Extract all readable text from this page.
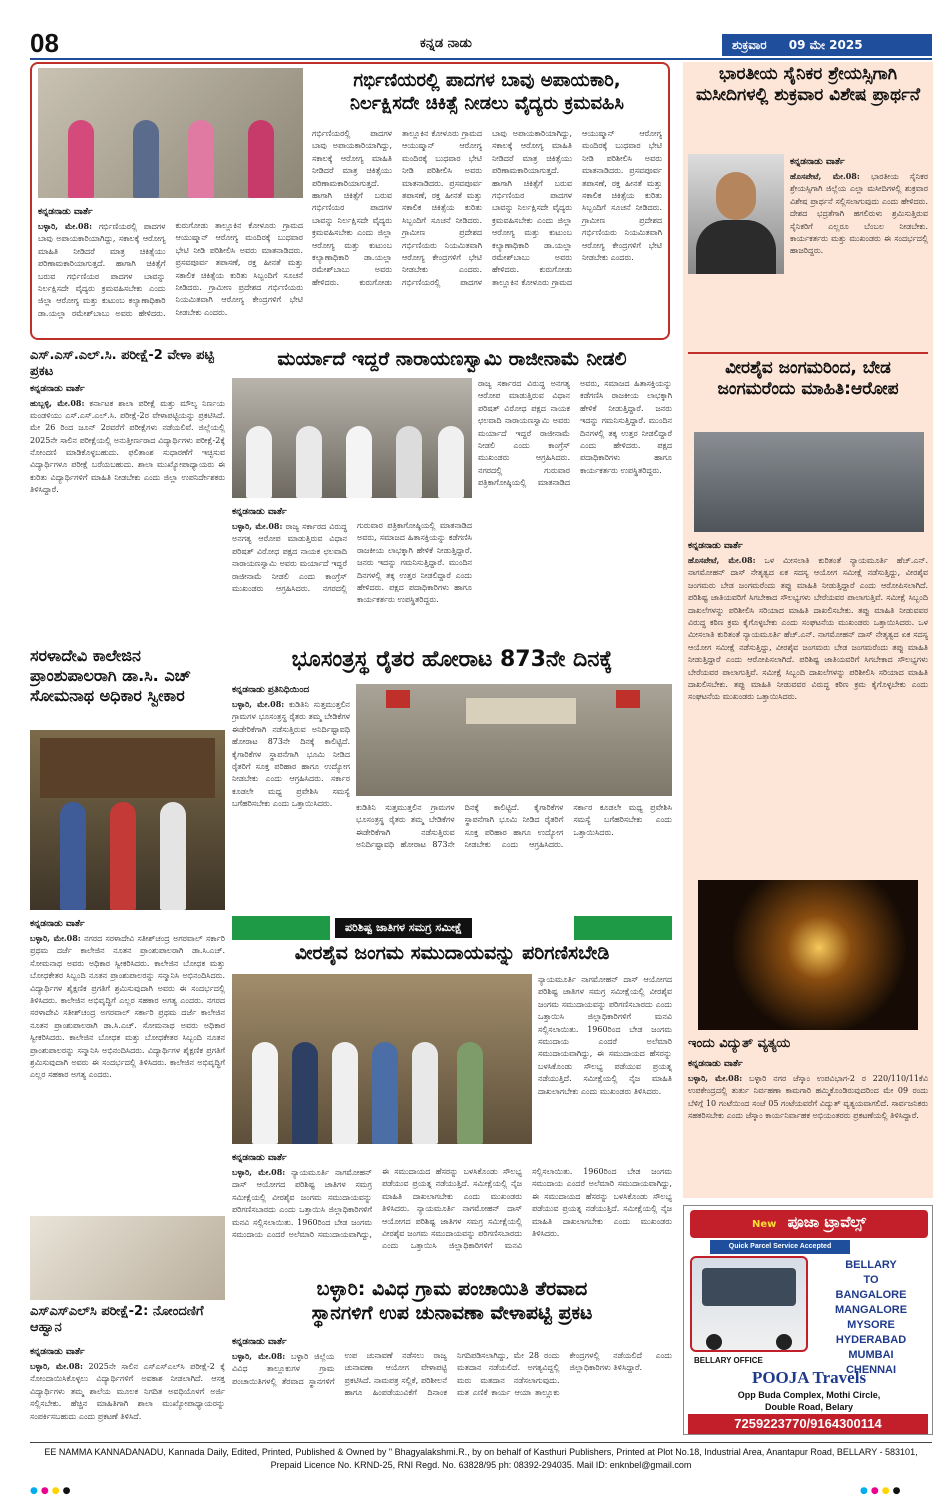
08	ಕನ್ನಡ ನಾಡು	ಶುಕ್ರವಾರ 09 ಮೇ 2025
ಗರ್ಭಿಣಿಯರಲ್ಲಿ ಪಾದಗಳ ಬಾವು ಅಪಾಯಕಾರಿ,
ನಿರ್ಲಕ್ಷಿಸದೇ ಚಿಕಿತ್ಸೆ ನೀಡಲು ವೈದ್ಯರು ಕ್ರಮವಹಿಸಿ
ಕನ್ನಡನಾಡು ವಾರ್ತೆ
ಬಳ್ಳಾರಿ, ಮೇ.08: ಗರ್ಭಿಣಿಯರಲ್ಲಿ ಪಾದಗಳ ಬಾವು ಅಪಾಯಕಾರಿಯಾಗಿದ್ದು, ಸಕಾಲಕ್ಕೆ ಆರೋಗ್ಯ ಮಾಹಿತಿ ನೀಡಿದರೆ ಮಾತ್ರ ಚಿಕಿತ್ಸೆಯು ಪರಿಣಾಮಕಾರಿಯಾಗುತ್ತದೆ. ಹಾಗಾಗಿ ಚಿಕಿತ್ಸೆಗೆ ಬರುವ ಗರ್ಭಿಣಿಯರ ಪಾದಗಳ ಬಾವನ್ನು ನಿರ್ಲಕ್ಷಿಸದೇ ವೈದ್ಯರು ಕ್ರಮವಹಿಸಬೇಕು ಎಂದು ಜಿಲ್ಲಾ ಆರೋಗ್ಯ ಮತ್ತು ಕುಟುಂಬ ಕಲ್ಯಾಣಾಧಿಕಾರಿ ಡಾ.ಯಲ್ಲಾ ರಮೇಶ್‌ಬಾಬು ಅವರು ಹೇಳಿದರು. ಕುರುಗೋಡು ತಾಲ್ಲೂಕಿನ ಕೋಳೂರು ಗ್ರಾಮದ ಆಯುಷ್ಮಾನ್ ಆರೋಗ್ಯ ಮಂದಿರಕ್ಕೆ ಬುಧವಾರ ಭೇಟಿ ನೀಡಿ ಪರಿಶೀಲಿಸಿ ಅವರು ಮಾತನಾಡಿದರು. ಪ್ರಸವಪೂರ್ವ ತಪಾಸಣೆ, ರಕ್ತ ಹೀನತೆ ಮತ್ತು ಸಕಾಲಿಕ ಚಿಕಿತ್ಸೆಯ ಕುರಿತು ಸಿಬ್ಬಂದಿಗೆ ಸೂಚನೆ ನೀಡಿದರು. ಗ್ರಾಮೀಣ ಪ್ರದೇಶದ ಗರ್ಭಿಣಿಯರು ನಿಯಮಿತವಾಗಿ ಆರೋಗ್ಯ ಕೇಂದ್ರಗಳಿಗೆ ಭೇಟಿ ನೀಡಬೇಕು ಎಂದರು.
ಗರ್ಭಿಣಿಯರಲ್ಲಿ ಪಾದಗಳ ಬಾವು ಅಪಾಯಕಾರಿಯಾಗಿದ್ದು, ಸಕಾಲಕ್ಕೆ ಆರೋಗ್ಯ ಮಾಹಿತಿ ನೀಡಿದರೆ ಮಾತ್ರ ಚಿಕಿತ್ಸೆಯು ಪರಿಣಾಮಕಾರಿಯಾಗುತ್ತದೆ. ಹಾಗಾಗಿ ಚಿಕಿತ್ಸೆಗೆ ಬರುವ ಗರ್ಭಿಣಿಯರ ಪಾದಗಳ ಬಾವನ್ನು ನಿರ್ಲಕ್ಷಿಸದೇ ವೈದ್ಯರು ಕ್ರಮವಹಿಸಬೇಕು ಎಂದು ಜಿಲ್ಲಾ ಆರೋಗ್ಯ ಮತ್ತು ಕುಟುಂಬ ಕಲ್ಯಾಣಾಧಿಕಾರಿ ಡಾ.ಯಲ್ಲಾ ರಮೇಶ್‌ಬಾಬು ಅವರು ಹೇಳಿದರು. ಕುರುಗೋಡು ತಾಲ್ಲೂಕಿನ ಕೋಳೂರು ಗ್ರಾಮದ ಆಯುಷ್ಮಾನ್ ಆರೋಗ್ಯ ಮಂದಿರಕ್ಕೆ ಬುಧವಾರ ಭೇಟಿ ನೀಡಿ ಪರಿಶೀಲಿಸಿ ಅವರು ಮಾತನಾಡಿದರು. ಪ್ರಸವಪೂರ್ವ ತಪಾಸಣೆ, ರಕ್ತ ಹೀನತೆ ಮತ್ತು ಸಕಾಲಿಕ ಚಿಕಿತ್ಸೆಯ ಕುರಿತು ಸಿಬ್ಬಂದಿಗೆ ಸೂಚನೆ ನೀಡಿದರು. ಗ್ರಾಮೀಣ ಪ್ರದೇಶದ ಗರ್ಭಿಣಿಯರು ನಿಯಮಿತವಾಗಿ ಆರೋಗ್ಯ ಕೇಂದ್ರಗಳಿಗೆ ಭೇಟಿ ನೀಡಬೇಕು ಎಂದರು. ಗರ್ಭಿಣಿಯರಲ್ಲಿ ಪಾದಗಳ ಬಾವು ಅಪಾಯಕಾರಿಯಾಗಿದ್ದು, ಸಕಾಲಕ್ಕೆ ಆರೋಗ್ಯ ಮಾಹಿತಿ ನೀಡಿದರೆ ಮಾತ್ರ ಚಿಕಿತ್ಸೆಯು ಪರಿಣಾಮಕಾರಿಯಾಗುತ್ತದೆ. ಹಾಗಾಗಿ ಚಿಕಿತ್ಸೆಗೆ ಬರುವ ಗರ್ಭಿಣಿಯರ ಪಾದಗಳ ಬಾವನ್ನು ನಿರ್ಲಕ್ಷಿಸದೇ ವೈದ್ಯರು ಕ್ರಮವಹಿಸಬೇಕು ಎಂದು ಜಿಲ್ಲಾ ಆರೋಗ್ಯ ಮತ್ತು ಕುಟುಂಬ ಕಲ್ಯಾಣಾಧಿಕಾರಿ ಡಾ.ಯಲ್ಲಾ ರಮೇಶ್‌ಬಾಬು ಅವರು ಹೇಳಿದರು. ಕುರುಗೋಡು ತಾಲ್ಲೂಕಿನ ಕೋಳೂರು ಗ್ರಾಮದ ಆಯುಷ್ಮಾನ್ ಆರೋಗ್ಯ ಮಂದಿರಕ್ಕೆ ಬುಧವಾರ ಭೇಟಿ ನೀಡಿ ಪರಿಶೀಲಿಸಿ ಅವರು ಮಾತನಾಡಿದರು. ಪ್ರಸವಪೂರ್ವ ತಪಾಸಣೆ, ರಕ್ತ ಹೀನತೆ ಮತ್ತು ಸಕಾಲಿಕ ಚಿಕಿತ್ಸೆಯ ಕುರಿತು ಸಿಬ್ಬಂದಿಗೆ ಸೂಚನೆ ನೀಡಿದರು. ಗ್ರಾಮೀಣ ಪ್ರದೇಶದ ಗರ್ಭಿಣಿಯರು ನಿಯಮಿತವಾಗಿ ಆರೋಗ್ಯ ಕೇಂದ್ರಗಳಿಗೆ ಭೇಟಿ ನೀಡಬೇಕು ಎಂದರು.
ಭಾರತೀಯ ಸೈನಿಕರ ಶ್ರೇಯಸ್ಸಿಗಾಗಿ ಮಸೀದಿಗಳಲ್ಲಿ ಶುಕ್ರವಾರ ವಿಶೇಷ ಪ್ರಾರ್ಥನೆ
ಕನ್ನಡನಾಡು ವಾರ್ತೆ
ಹೊಸಪೇಟೆ, ಮೇ.08: ಭಾರತೀಯ ಸೈನಿಕರ ಶ್ರೇಯಸ್ಸಿಗಾಗಿ ಜಿಲ್ಲೆಯ ಎಲ್ಲಾ ಮಸೀದಿಗಳಲ್ಲಿ ಶುಕ್ರವಾರ ವಿಶೇಷ ಪ್ರಾರ್ಥನೆ ಸಲ್ಲಿಸಲಾಗುವುದು ಎಂದು ಹೇಳಿದರು. ದೇಶದ ಭದ್ರತೆಗಾಗಿ ಹಗಲಿರುಳು ಶ್ರಮಿಸುತ್ತಿರುವ ಸೈನಿಕರಿಗೆ ಎಲ್ಲರೂ ಬೆಂಬಲ ನೀಡಬೇಕು. ಕಾರ್ಯಕರ್ತರು ಮತ್ತು ಮುಖಂಡರು ಈ ಸಂದರ್ಭದಲ್ಲಿ ಹಾಜರಿದ್ದರು.
ವೀರಶೈವ ಜಂಗಮರಿಂದ, ಬೇಡ ಜಂಗಮರೆಂದು ಮಾಹಿತಿ:ಆರೋಪ
ಕನ್ನಡನಾಡು ವಾರ್ತೆ
ಹೊಸಪೇಟೆ, ಮೇ.08: ಒಳ ಮೀಸಲಾತಿ ಕುರಿತಂತೆ ನ್ಯಾಯಮೂರ್ತಿ ಹೆಚ್.ಎನ್. ನಾಗಮೋಹನ್ ದಾಸ್ ನೇತೃತ್ವದ ಏಕ ಸದಸ್ಯ ಆಯೋಗ ಸಮೀಕ್ಷೆ ನಡೆಸುತ್ತಿದ್ದು, ವೀರಶೈವ ಜಂಗಮರು ಬೇಡ ಜಂಗಮರೆಂದು ತಪ್ಪು ಮಾಹಿತಿ ನೀಡುತ್ತಿದ್ದಾರೆ ಎಂದು ಆರೋಪಿಸಲಾಗಿದೆ. ಪರಿಶಿಷ್ಟ ಜಾತಿಯವರಿಗೆ ಸಿಗಬೇಕಾದ ಸೌಲಭ್ಯಗಳು ಬೇರೆಯವರ ಪಾಲಾಗುತ್ತಿವೆ. ಸಮೀಕ್ಷೆ ಸಿಬ್ಬಂದಿ ದಾಖಲೆಗಳನ್ನು ಪರಿಶೀಲಿಸಿ ಸರಿಯಾದ ಮಾಹಿತಿ ದಾಖಲಿಸಬೇಕು. ತಪ್ಪು ಮಾಹಿತಿ ನೀಡುವವರ ವಿರುದ್ಧ ಕಠಿಣ ಕ್ರಮ ಕೈಗೊಳ್ಳಬೇಕು ಎಂದು ಸಂಘಟನೆಯ ಮುಖಂಡರು ಒತ್ತಾಯಿಸಿದರು. ಒಳ ಮೀಸಲಾತಿ ಕುರಿತಂತೆ ನ್ಯಾಯಮೂರ್ತಿ ಹೆಚ್.ಎನ್. ನಾಗಮೋಹನ್ ದಾಸ್ ನೇತೃತ್ವದ ಏಕ ಸದಸ್ಯ ಆಯೋಗ ಸಮೀಕ್ಷೆ ನಡೆಸುತ್ತಿದ್ದು, ವೀರಶೈವ ಜಂಗಮರು ಬೇಡ ಜಂಗಮರೆಂದು ತಪ್ಪು ಮಾಹಿತಿ ನೀಡುತ್ತಿದ್ದಾರೆ ಎಂದು ಆರೋಪಿಸಲಾಗಿದೆ. ಪರಿಶಿಷ್ಟ ಜಾತಿಯವರಿಗೆ ಸಿಗಬೇಕಾದ ಸೌಲಭ್ಯಗಳು ಬೇರೆಯವರ ಪಾಲಾಗುತ್ತಿವೆ. ಸಮೀಕ್ಷೆ ಸಿಬ್ಬಂದಿ ದಾಖಲೆಗಳನ್ನು ಪರಿಶೀಲಿಸಿ ಸರಿಯಾದ ಮಾಹಿತಿ ದಾಖಲಿಸಬೇಕು. ತಪ್ಪು ಮಾಹಿತಿ ನೀಡುವವರ ವಿರುದ್ಧ ಕಠಿಣ ಕ್ರಮ ಕೈಗೊಳ್ಳಬೇಕು ಎಂದು ಸಂಘಟನೆಯ ಮುಖಂಡರು ಒತ್ತಾಯಿಸಿದರು.
ಇಂದು ವಿದ್ಯುತ್ ವ್ಯತ್ಯಯ
ಕನ್ನಡನಾಡು ವಾರ್ತೆ
ಬಳ್ಳಾರಿ, ಮೇ.08: ಬಳ್ಳಾರಿ ನಗರ ಜೆಸ್ಕಾಂ ಉಪವಿಭಾಗ-2 ರ 220/110/11ಕೆವಿ ಉಪಕೇಂದ್ರದಲ್ಲಿ ತುರ್ತು ನಿರ್ವಹಣಾ ಕಾಮಗಾರಿ ಹಮ್ಮಿಕೊಂಡಿರುವುದರಿಂದ ಮೇ 09 ರಂದು ಬೆಳಿಗ್ಗೆ 10 ಗಂಟೆಯಿಂದ ಸಂಜೆ 05 ಗಂಟೆಯವರೆಗೆ ವಿದ್ಯುತ್ ವ್ಯತ್ಯಯವಾಗಲಿದೆ. ಸಾರ್ವಜನಿಕರು ಸಹಕರಿಸಬೇಕು ಎಂದು ಜೆಸ್ಕಾಂ ಕಾರ್ಯನಿರ್ವಾಹಕ ಅಭಿಯಂತರರು ಪ್ರಕಟಣೆಯಲ್ಲಿ ತಿಳಿಸಿದ್ದಾರೆ.
ಎಸ್.ಎಸ್.ಎಲ್.ಸಿ. ಪರೀಕ್ಷೆ-2 ವೇಳಾ ಪಟ್ಟಿ ಪ್ರಕಟ
ಕನ್ನಡನಾಡು ವಾರ್ತೆ
ಹುಬ್ಬಳ್ಳಿ, ಮೇ.08: ಕರ್ನಾಟಕ ಶಾಲಾ ಪರೀಕ್ಷೆ ಮತ್ತು ಮೌಲ್ಯ ನಿರ್ಣಯ ಮಂಡಳಿಯು ಎಸ್.ಎಸ್.ಎಲ್.ಸಿ. ಪರೀಕ್ಷೆ-2ರ ವೇಳಾಪಟ್ಟಿಯನ್ನು ಪ್ರಕಟಿಸಿದೆ. ಮೇ 26 ರಿಂದ ಜೂನ್ 2ರವರೆಗೆ ಪರೀಕ್ಷೆಗಳು ನಡೆಯಲಿವೆ. ಜಿಲ್ಲೆಯಲ್ಲಿ 2025ನೇ ಸಾಲಿನ ಪರೀಕ್ಷೆಯಲ್ಲಿ ಅನುತ್ತೀರ್ಣರಾದ ವಿದ್ಯಾರ್ಥಿಗಳು ಪರೀಕ್ಷೆ-2ಕ್ಕೆ ನೋಂದಣಿ ಮಾಡಿಕೊಳ್ಳಬಹುದು. ಫಲಿತಾಂಶ ಸುಧಾರಣೆಗೆ ಇಚ್ಛಿಸುವ ವಿದ್ಯಾರ್ಥಿಗಳೂ ಪರೀಕ್ಷೆ ಬರೆಯಬಹುದು. ಶಾಲಾ ಮುಖ್ಯೋಪಾಧ್ಯಾಯರು ಈ ಕುರಿತು ವಿದ್ಯಾರ್ಥಿಗಳಿಗೆ ಮಾಹಿತಿ ನೀಡಬೇಕು ಎಂದು ಜಿಲ್ಲಾ ಉಪನಿರ್ದೇಶಕರು ತಿಳಿಸಿದ್ದಾರೆ.
ಮರ್ಯಾದೆ ಇದ್ದರೆ ನಾರಾಯಣಸ್ವಾಮಿ ರಾಜೀನಾಮೆ ನೀಡಲಿ
ರಾಜ್ಯ ಸರ್ಕಾರದ ವಿರುದ್ಧ ಅನಗತ್ಯ ಆರೋಪ ಮಾಡುತ್ತಿರುವ ವಿಧಾನ ಪರಿಷತ್ ವಿರೋಧ ಪಕ್ಷದ ನಾಯಕ ಛಲವಾದಿ ನಾರಾಯಣಸ್ವಾಮಿ ಅವರು ಮರ್ಯಾದೆ ಇದ್ದರೆ ರಾಜೀನಾಮೆ ನೀಡಲಿ ಎಂದು ಕಾಂಗ್ರೆಸ್ ಮುಖಂಡರು ಆಗ್ರಹಿಸಿದರು. ನಗರದಲ್ಲಿ ಗುರುವಾರ ಪತ್ರಿಕಾಗೋಷ್ಠಿಯಲ್ಲಿ ಮಾತನಾಡಿದ ಅವರು, ಸಮಾಜದ ಹಿತಾಸಕ್ತಿಯನ್ನು ಕಡೆಗಣಿಸಿ ರಾಜಕೀಯ ಲಾಭಕ್ಕಾಗಿ ಹೇಳಿಕೆ ನೀಡುತ್ತಿದ್ದಾರೆ. ಜನರು ಇದನ್ನು ಗಮನಿಸುತ್ತಿದ್ದಾರೆ. ಮುಂದಿನ ದಿನಗಳಲ್ಲಿ ತಕ್ಕ ಉತ್ತರ ನೀಡಲಿದ್ದಾರೆ ಎಂದು ಹೇಳಿದರು. ಪಕ್ಷದ ಪದಾಧಿಕಾರಿಗಳು ಹಾಗೂ ಕಾರ್ಯಕರ್ತರು ಉಪಸ್ಥಿತರಿದ್ದರು.
ಕನ್ನಡನಾಡು ವಾರ್ತೆ
ಬಳ್ಳಾರಿ, ಮೇ.08: ರಾಜ್ಯ ಸರ್ಕಾರದ ವಿರುದ್ಧ ಅನಗತ್ಯ ಆರೋಪ ಮಾಡುತ್ತಿರುವ ವಿಧಾನ ಪರಿಷತ್ ವಿರೋಧ ಪಕ್ಷದ ನಾಯಕ ಛಲವಾದಿ ನಾರಾಯಣಸ್ವಾಮಿ ಅವರು ಮರ್ಯಾದೆ ಇದ್ದರೆ ರಾಜೀನಾಮೆ ನೀಡಲಿ ಎಂದು ಕಾಂಗ್ರೆಸ್ ಮುಖಂಡರು ಆಗ್ರಹಿಸಿದರು. ನಗರದಲ್ಲಿ ಗುರುವಾರ ಪತ್ರಿಕಾಗೋಷ್ಠಿಯಲ್ಲಿ ಮಾತನಾಡಿದ ಅವರು, ಸಮಾಜದ ಹಿತಾಸಕ್ತಿಯನ್ನು ಕಡೆಗಣಿಸಿ ರಾಜಕೀಯ ಲಾಭಕ್ಕಾಗಿ ಹೇಳಿಕೆ ನೀಡುತ್ತಿದ್ದಾರೆ. ಜನರು ಇದನ್ನು ಗಮನಿಸುತ್ತಿದ್ದಾರೆ. ಮುಂದಿನ ದಿನಗಳಲ್ಲಿ ತಕ್ಕ ಉತ್ತರ ನೀಡಲಿದ್ದಾರೆ ಎಂದು ಹೇಳಿದರು. ಪಕ್ಷದ ಪದಾಧಿಕಾರಿಗಳು ಹಾಗೂ ಕಾರ್ಯಕರ್ತರು ಉಪಸ್ಥಿತರಿದ್ದರು.
ಸರಳಾದೇವಿ ಕಾಲೇಜಿನ ಪ್ರಾಂಶುಪಾಲರಾಗಿ ಡಾ.ಸಿ. ಎಚ್ ಸೋಮನಾಥ ಅಧಿಕಾರ ಸ್ವೀಕಾರ
ಕನ್ನಡನಾಡು ವಾರ್ತೆ
ಬಳ್ಳಾರಿ, ಮೇ.08: ನಗರದ ಸರಳಾದೇವಿ ಸತೀಶ್‌ಚಂದ್ರ ಅಗರವಾಲ್ ಸರ್ಕಾರಿ ಪ್ರಥಮ ದರ್ಜೆ ಕಾಲೇಜಿನ ನೂತನ ಪ್ರಾಂಶುಪಾಲರಾಗಿ ಡಾ.ಸಿ.ಎಚ್. ಸೋಮನಾಥ ಅವರು ಅಧಿಕಾರ ಸ್ವೀಕರಿಸಿದರು. ಕಾಲೇಜಿನ ಬೋಧಕ ಮತ್ತು ಬೋಧಕೇತರ ಸಿಬ್ಬಂದಿ ನೂತನ ಪ್ರಾಂಶುಪಾಲರನ್ನು ಸನ್ಮಾನಿಸಿ ಅಭಿನಂದಿಸಿದರು. ವಿದ್ಯಾರ್ಥಿಗಳ ಶೈಕ್ಷಣಿಕ ಪ್ರಗತಿಗೆ ಶ್ರಮಿಸುವುದಾಗಿ ಅವರು ಈ ಸಂದರ್ಭದಲ್ಲಿ ತಿಳಿಸಿದರು. ಕಾಲೇಜಿನ ಅಭಿವೃದ್ಧಿಗೆ ಎಲ್ಲರ ಸಹಕಾರ ಅಗತ್ಯ ಎಂದರು. ನಗರದ ಸರಳಾದೇವಿ ಸತೀಶ್‌ಚಂದ್ರ ಅಗರವಾಲ್ ಸರ್ಕಾರಿ ಪ್ರಥಮ ದರ್ಜೆ ಕಾಲೇಜಿನ ನೂತನ ಪ್ರಾಂಶುಪಾಲರಾಗಿ ಡಾ.ಸಿ.ಎಚ್. ಸೋಮನಾಥ ಅವರು ಅಧಿಕಾರ ಸ್ವೀಕರಿಸಿದರು. ಕಾಲೇಜಿನ ಬೋಧಕ ಮತ್ತು ಬೋಧಕೇತರ ಸಿಬ್ಬಂದಿ ನೂತನ ಪ್ರಾಂಶುಪಾಲರನ್ನು ಸನ್ಮಾನಿಸಿ ಅಭಿನಂದಿಸಿದರು. ವಿದ್ಯಾರ್ಥಿಗಳ ಶೈಕ್ಷಣಿಕ ಪ್ರಗತಿಗೆ ಶ್ರಮಿಸುವುದಾಗಿ ಅವರು ಈ ಸಂದರ್ಭದಲ್ಲಿ ತಿಳಿಸಿದರು. ಕಾಲೇಜಿನ ಅಭಿವೃದ್ಧಿಗೆ ಎಲ್ಲರ ಸಹಕಾರ ಅಗತ್ಯ ಎಂದರು.
ಎಸ್‌ಎಸ್‌ಎಲ್‌ಸಿ ಪರೀಕ್ಷೆ-2: ನೋಂದಣಿಗೆ ಆಹ್ವಾನ
ಕನ್ನಡನಾಡು ವಾರ್ತೆ
ಬಳ್ಳಾರಿ, ಮೇ.08: 2025ನೇ ಸಾಲಿನ ಎಸ್‌ಎಸ್‌ಎಲ್‌ಸಿ ಪರೀಕ್ಷೆ-2 ಕ್ಕೆ ನೋಂದಾಯಿಸಿಕೊಳ್ಳಲು ವಿದ್ಯಾರ್ಥಿಗಳಿಗೆ ಅವಕಾಶ ನೀಡಲಾಗಿದೆ. ಆಸಕ್ತ ವಿದ್ಯಾರ್ಥಿಗಳು ತಮ್ಮ ಶಾಲೆಯ ಮೂಲಕ ನಿಗದಿತ ಅವಧಿಯೊಳಗೆ ಅರ್ಜಿ ಸಲ್ಲಿಸಬೇಕು. ಹೆಚ್ಚಿನ ಮಾಹಿತಿಗಾಗಿ ಶಾಲಾ ಮುಖ್ಯೋಪಾಧ್ಯಾಯರನ್ನು ಸಂಪರ್ಕಿಸಬಹುದು ಎಂದು ಪ್ರಕಟಣೆ ತಿಳಿಸಿದೆ.
ಭೂಸಂತ್ರಸ್ಥ ರೈತರ ಹೋರಾಟ 873ನೇ ದಿನಕ್ಕೆ
ಕನ್ನಡನಾಡು ಪ್ರತಿನಿಧಿಯಿಂದ
ಬಳ್ಳಾರಿ, ಮೇ.08: ಕುಡಿತಿನಿ ಸುತ್ತಮುತ್ತಲಿನ ಗ್ರಾಮಗಳ ಭೂಸಂತ್ರಸ್ಥ ರೈತರು ತಮ್ಮ ಬೇಡಿಕೆಗಳ ಈಡೇರಿಕೆಗಾಗಿ ನಡೆಸುತ್ತಿರುವ ಅನಿರ್ದಿಷ್ಟಾವಧಿ ಹೋರಾಟ 873ನೇ ದಿನಕ್ಕೆ ಕಾಲಿಟ್ಟಿದೆ. ಕೈಗಾರಿಕೆಗಳ ಸ್ಥಾಪನೆಗಾಗಿ ಭೂಮಿ ನೀಡಿದ ರೈತರಿಗೆ ಸೂಕ್ತ ಪರಿಹಾರ ಹಾಗೂ ಉದ್ಯೋಗ ನೀಡಬೇಕು ಎಂದು ಆಗ್ರಹಿಸಿದರು. ಸರ್ಕಾರ ಕೂಡಲೇ ಮಧ್ಯ ಪ್ರವೇಶಿಸಿ ಸಮಸ್ಯೆ ಬಗೆಹರಿಸಬೇಕು ಎಂದು ಒತ್ತಾಯಿಸಿದರು.	ಕುಡಿತಿನಿ ಸುತ್ತಮುತ್ತಲಿನ ಗ್ರಾಮಗಳ ಭೂಸಂತ್ರಸ್ಥ ರೈತರು ತಮ್ಮ ಬೇಡಿಕೆಗಳ ಈಡೇರಿಕೆಗಾಗಿ ನಡೆಸುತ್ತಿರುವ ಅನಿರ್ದಿಷ್ಟಾವಧಿ ಹೋರಾಟ 873ನೇ ದಿನಕ್ಕೆ ಕಾಲಿಟ್ಟಿದೆ. ಕೈಗಾರಿಕೆಗಳ ಸ್ಥಾಪನೆಗಾಗಿ ಭೂಮಿ ನೀಡಿದ ರೈತರಿಗೆ ಸೂಕ್ತ ಪರಿಹಾರ ಹಾಗೂ ಉದ್ಯೋಗ ನೀಡಬೇಕು ಎಂದು ಆಗ್ರಹಿಸಿದರು. ಸರ್ಕಾರ ಕೂಡಲೇ ಮಧ್ಯ ಪ್ರವೇಶಿಸಿ ಸಮಸ್ಯೆ ಬಗೆಹರಿಸಬೇಕು ಎಂದು ಒತ್ತಾಯಿಸಿದರು.
ಪರಿಶಿಷ್ಟ ಜಾತಿಗಳ ಸಮಗ್ರ ಸಮೀಕ್ಷೆ
ವೀರಶೈವ ಜಂಗಮ ಸಮುದಾಯವನ್ನು ಪರಿಗಣಿಸಬೇಡಿ
ನ್ಯಾಯಮೂರ್ತಿ ನಾಗಮೋಹನ್ ದಾಸ್ ಆಯೋಗದ ಪರಿಶಿಷ್ಟ ಜಾತಿಗಳ ಸಮಗ್ರ ಸಮೀಕ್ಷೆಯಲ್ಲಿ ವೀರಶೈವ ಜಂಗಮ ಸಮುದಾಯವನ್ನು ಪರಿಗಣಿಸಬಾರದು ಎಂದು ಒತ್ತಾಯಿಸಿ ಜಿಲ್ಲಾಧಿಕಾರಿಗಳಿಗೆ ಮನವಿ ಸಲ್ಲಿಸಲಾಯಿತು. 1960ರಿಂದ ಬೇಡ ಜಂಗಮ ಸಮುದಾಯ ಎಂದರೆ ಅಲೆಮಾರಿ ಸಮುದಾಯವಾಗಿದ್ದು, ಈ ಸಮುದಾಯದ ಹೆಸರನ್ನು ಬಳಸಿಕೊಂಡು ಸೌಲಭ್ಯ ಪಡೆಯುವ ಪ್ರಯತ್ನ ನಡೆಯುತ್ತಿದೆ. ಸಮೀಕ್ಷೆಯಲ್ಲಿ ನೈಜ ಮಾಹಿತಿ ದಾಖಲಾಗಬೇಕು ಎಂದು ಮುಖಂಡರು ತಿಳಿಸಿದರು.
ಕನ್ನಡನಾಡು ವಾರ್ತೆ
ಬಳ್ಳಾರಿ, ಮೇ.08: ನ್ಯಾಯಮೂರ್ತಿ ನಾಗಮೋಹನ್ ದಾಸ್ ಆಯೋಗದ ಪರಿಶಿಷ್ಟ ಜಾತಿಗಳ ಸಮಗ್ರ ಸಮೀಕ್ಷೆಯಲ್ಲಿ ವೀರಶೈವ ಜಂಗಮ ಸಮುದಾಯವನ್ನು ಪರಿಗಣಿಸಬಾರದು ಎಂದು ಒತ್ತಾಯಿಸಿ ಜಿಲ್ಲಾಧಿಕಾರಿಗಳಿಗೆ ಮನವಿ ಸಲ್ಲಿಸಲಾಯಿತು. 1960ರಿಂದ ಬೇಡ ಜಂಗಮ ಸಮುದಾಯ ಎಂದರೆ ಅಲೆಮಾರಿ ಸಮುದಾಯವಾಗಿದ್ದು, ಈ ಸಮುದಾಯದ ಹೆಸರನ್ನು ಬಳಸಿಕೊಂಡು ಸೌಲಭ್ಯ ಪಡೆಯುವ ಪ್ರಯತ್ನ ನಡೆಯುತ್ತಿದೆ. ಸಮೀಕ್ಷೆಯಲ್ಲಿ ನೈಜ ಮಾಹಿತಿ ದಾಖಲಾಗಬೇಕು ಎಂದು ಮುಖಂಡರು ತಿಳಿಸಿದರು. ನ್ಯಾಯಮೂರ್ತಿ ನಾಗಮೋಹನ್ ದಾಸ್ ಆಯೋಗದ ಪರಿಶಿಷ್ಟ ಜಾತಿಗಳ ಸಮಗ್ರ ಸಮೀಕ್ಷೆಯಲ್ಲಿ ವೀರಶೈವ ಜಂಗಮ ಸಮುದಾಯವನ್ನು ಪರಿಗಣಿಸಬಾರದು ಎಂದು ಒತ್ತಾಯಿಸಿ ಜಿಲ್ಲಾಧಿಕಾರಿಗಳಿಗೆ ಮನವಿ ಸಲ್ಲಿಸಲಾಯಿತು. 1960ರಿಂದ ಬೇಡ ಜಂಗಮ ಸಮುದಾಯ ಎಂದರೆ ಅಲೆಮಾರಿ ಸಮುದಾಯವಾಗಿದ್ದು, ಈ ಸಮುದಾಯದ ಹೆಸರನ್ನು ಬಳಸಿಕೊಂಡು ಸೌಲಭ್ಯ ಪಡೆಯುವ ಪ್ರಯತ್ನ ನಡೆಯುತ್ತಿದೆ. ಸಮೀಕ್ಷೆಯಲ್ಲಿ ನೈಜ ಮಾಹಿತಿ ದಾಖಲಾಗಬೇಕು ಎಂದು ಮುಖಂಡರು ತಿಳಿಸಿದರು.
ಬಳ್ಳಾರಿ: ವಿವಿಧ ಗ್ರಾಮ ಪಂಚಾಯಿತಿ ತೆರವಾದ
ಸ್ಥಾನಗಳಿಗೆ ಉಪ ಚುನಾವಣಾ ವೇಳಾಪಟ್ಟಿ ಪ್ರಕಟ
ಕನ್ನಡನಾಡು ವಾರ್ತೆ
ಬಳ್ಳಾರಿ, ಮೇ.08: ಬಳ್ಳಾರಿ ಜಿಲ್ಲೆಯ ವಿವಿಧ ತಾಲ್ಲೂಕುಗಳ ಗ್ರಾಮ ಪಂಚಾಯಿತಿಗಳಲ್ಲಿ ತೆರವಾದ ಸ್ಥಾನಗಳಿಗೆ ಉಪ ಚುನಾವಣೆ ನಡೆಸಲು ರಾಜ್ಯ ಚುನಾವಣಾ ಆಯೋಗ ವೇಳಾಪಟ್ಟಿ ಪ್ರಕಟಿಸಿದೆ. ನಾಮಪತ್ರ ಸಲ್ಲಿಕೆ, ಪರಿಶೀಲನೆ ಹಾಗೂ ಹಿಂಪಡೆಯುವಿಕೆಗೆ ದಿನಾಂಕ ನಿಗದಿಪಡಿಸಲಾಗಿದ್ದು, ಮೇ 28 ರಂದು ಮತದಾನ ನಡೆಯಲಿದೆ. ಅಗತ್ಯವಿದ್ದಲ್ಲಿ ಮರು ಮತದಾನ ನಡೆಸಲಾಗುವುದು. ಮತ ಎಣಿಕೆ ಕಾರ್ಯ ಆಯಾ ತಾಲ್ಲೂಕು ಕೇಂದ್ರಗಳಲ್ಲಿ ನಡೆಯಲಿದೆ ಎಂದು ಜಿಲ್ಲಾಧಿಕಾರಿಗಳು ತಿಳಿಸಿದ್ದಾರೆ.
New ಪೂಜಾ ಟ್ರಾವೆಲ್ಸ್
Quick Parcel Service Accepted
BELLARY
TO
BANGALORE
MANGALORE
MYSORE
HYDERABAD
MUMBAI
CHENNAI
BELLARY OFFICE
POOJA Travels
Opp Buda Complex, Mothi Circle,
Double Road, Belary
7259223770/9164300114
EE NAMMA KANNADANADU, Kannada Daily, Edited, Printed, Published & Owned by " Bhagyalakshmi.R., by on behalf of Kasthuri Publishers, Printed at Plot No.18, Industrial Area, Anantapur Road, BELLARY - 583101,
Prepaid Licence No. KRND-25, RNI Regd. No. 63828/95 ph: 08392-294035. Mail ID: enknbel@gmail.com
●●●●	●●●●
